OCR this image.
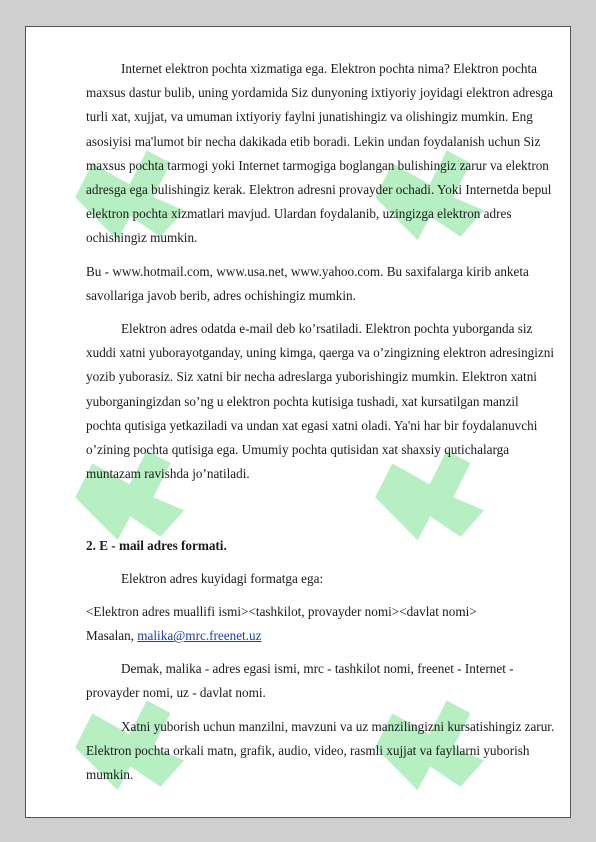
Internet elektron pochta xizmatiga ega. Elektron pochta nima? Elektron pochta maxsus dastur bulib, uning yordamida Siz dunyoning ixtiyoriy joyidagi elektron adresga turli xat, xujjat, va umuman ixtiyoriy faylni junatishingiz va olishingiz mumkin. Eng asosiyisi ma'lumot bir necha dakikada etib boradi. Lekin undan foydalanish uchun Siz maxsus pochta tarmogi yoki Internet tarmogiga boglangan bulishingiz zarur va elektron adresga ega bulishingiz kerak. Elektron adresni provayder ochadi. Yoki Internetda bepul elektron pochta xizmatlari mavjud. Ulardan foydalanib, uzingizga elektron adres ochishingiz mumkin.

Bu - www.hotmail.com, www.usa.net, www.yahoo.com. Bu saxifalarga kirib anketa savollariga javob berib, adres ochishingiz mumkin.

Elektron adres odatda e-mail deb ko’rsatiladi. Elektron pochta yuborganda siz xuddi xatni yuborayotganday, uning kimga, qaerga va o’zingizning elektron adresingizni yozib yuborasiz. Siz xatni bir necha adreslarga yuborishingiz mumkin. Elektron xatni yuborganingizdan so’ng u elektron pochta kutisiga tushadi, xat kursatilgan manzil pochta qutisiga yetkaziladi va undan xat egasi xatni oladi. Ya'ni har bir foydalanuvchi o’zining pochta qutisiga ega. Umumiy pochta qutisidan xat shaxsiy qutichalarga muntazam ravishda jo’natiladi.

2. E - mail adres formati.

Elektron adres kuyidagi formatga ega:

<Elektron adres muallifi ismi><tashkilot, provayder nomi><davlat nomi>

Masalan, malika@mrc.freenet.uz

Demak, malika - adres egasi ismi, mrc - tashkilot nomi, freenet - Internet - provayder nomi, uz - davlat nomi.

Xatni yuborish uchun manzilni, mavzuni va uz manzilingizni kursatishingiz zarur. Elektron pochta orkali matn, grafik, audio, video, rasmli xujjat va fayllarni yuborish mumkin.
